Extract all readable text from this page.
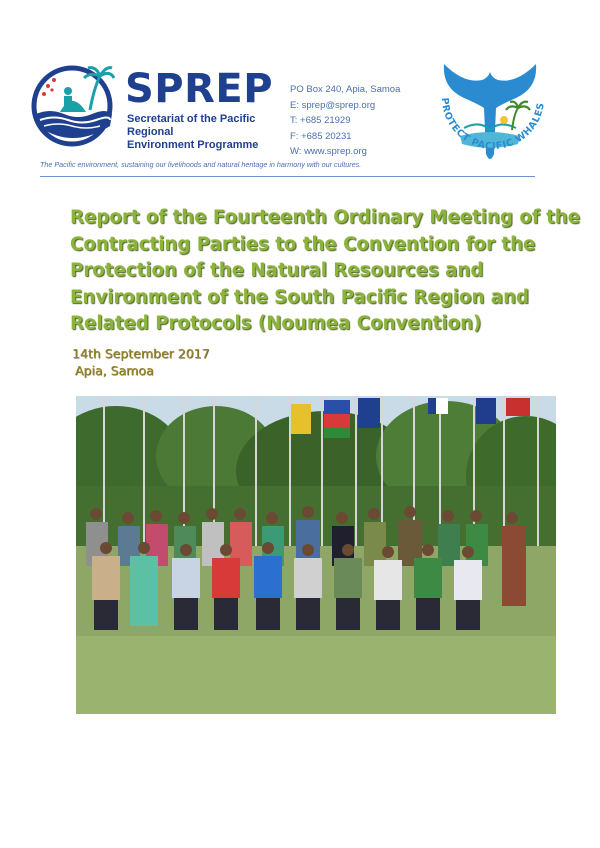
SPREP
Secretariat of the Pacific Regional
Environment Programme
PO Box 240, Apia, Samoa
E: sprep@sprep.org
T: +685 21929
F: +685 20231
W: www.sprep.org
PROTECT PACIFIC WHALES
The Pacific environment, sustaining our livelihoods and natural heritage in harmony with our cultures.
Report of the Fourteenth Ordinary Meeting of the
Contracting Parties to the Convention for the
Protection of the Natural Resources and
Environment of the South Pacific Region and
Related Protocols (Noumea Convention)
14th September 2017
Apia, Samoa
